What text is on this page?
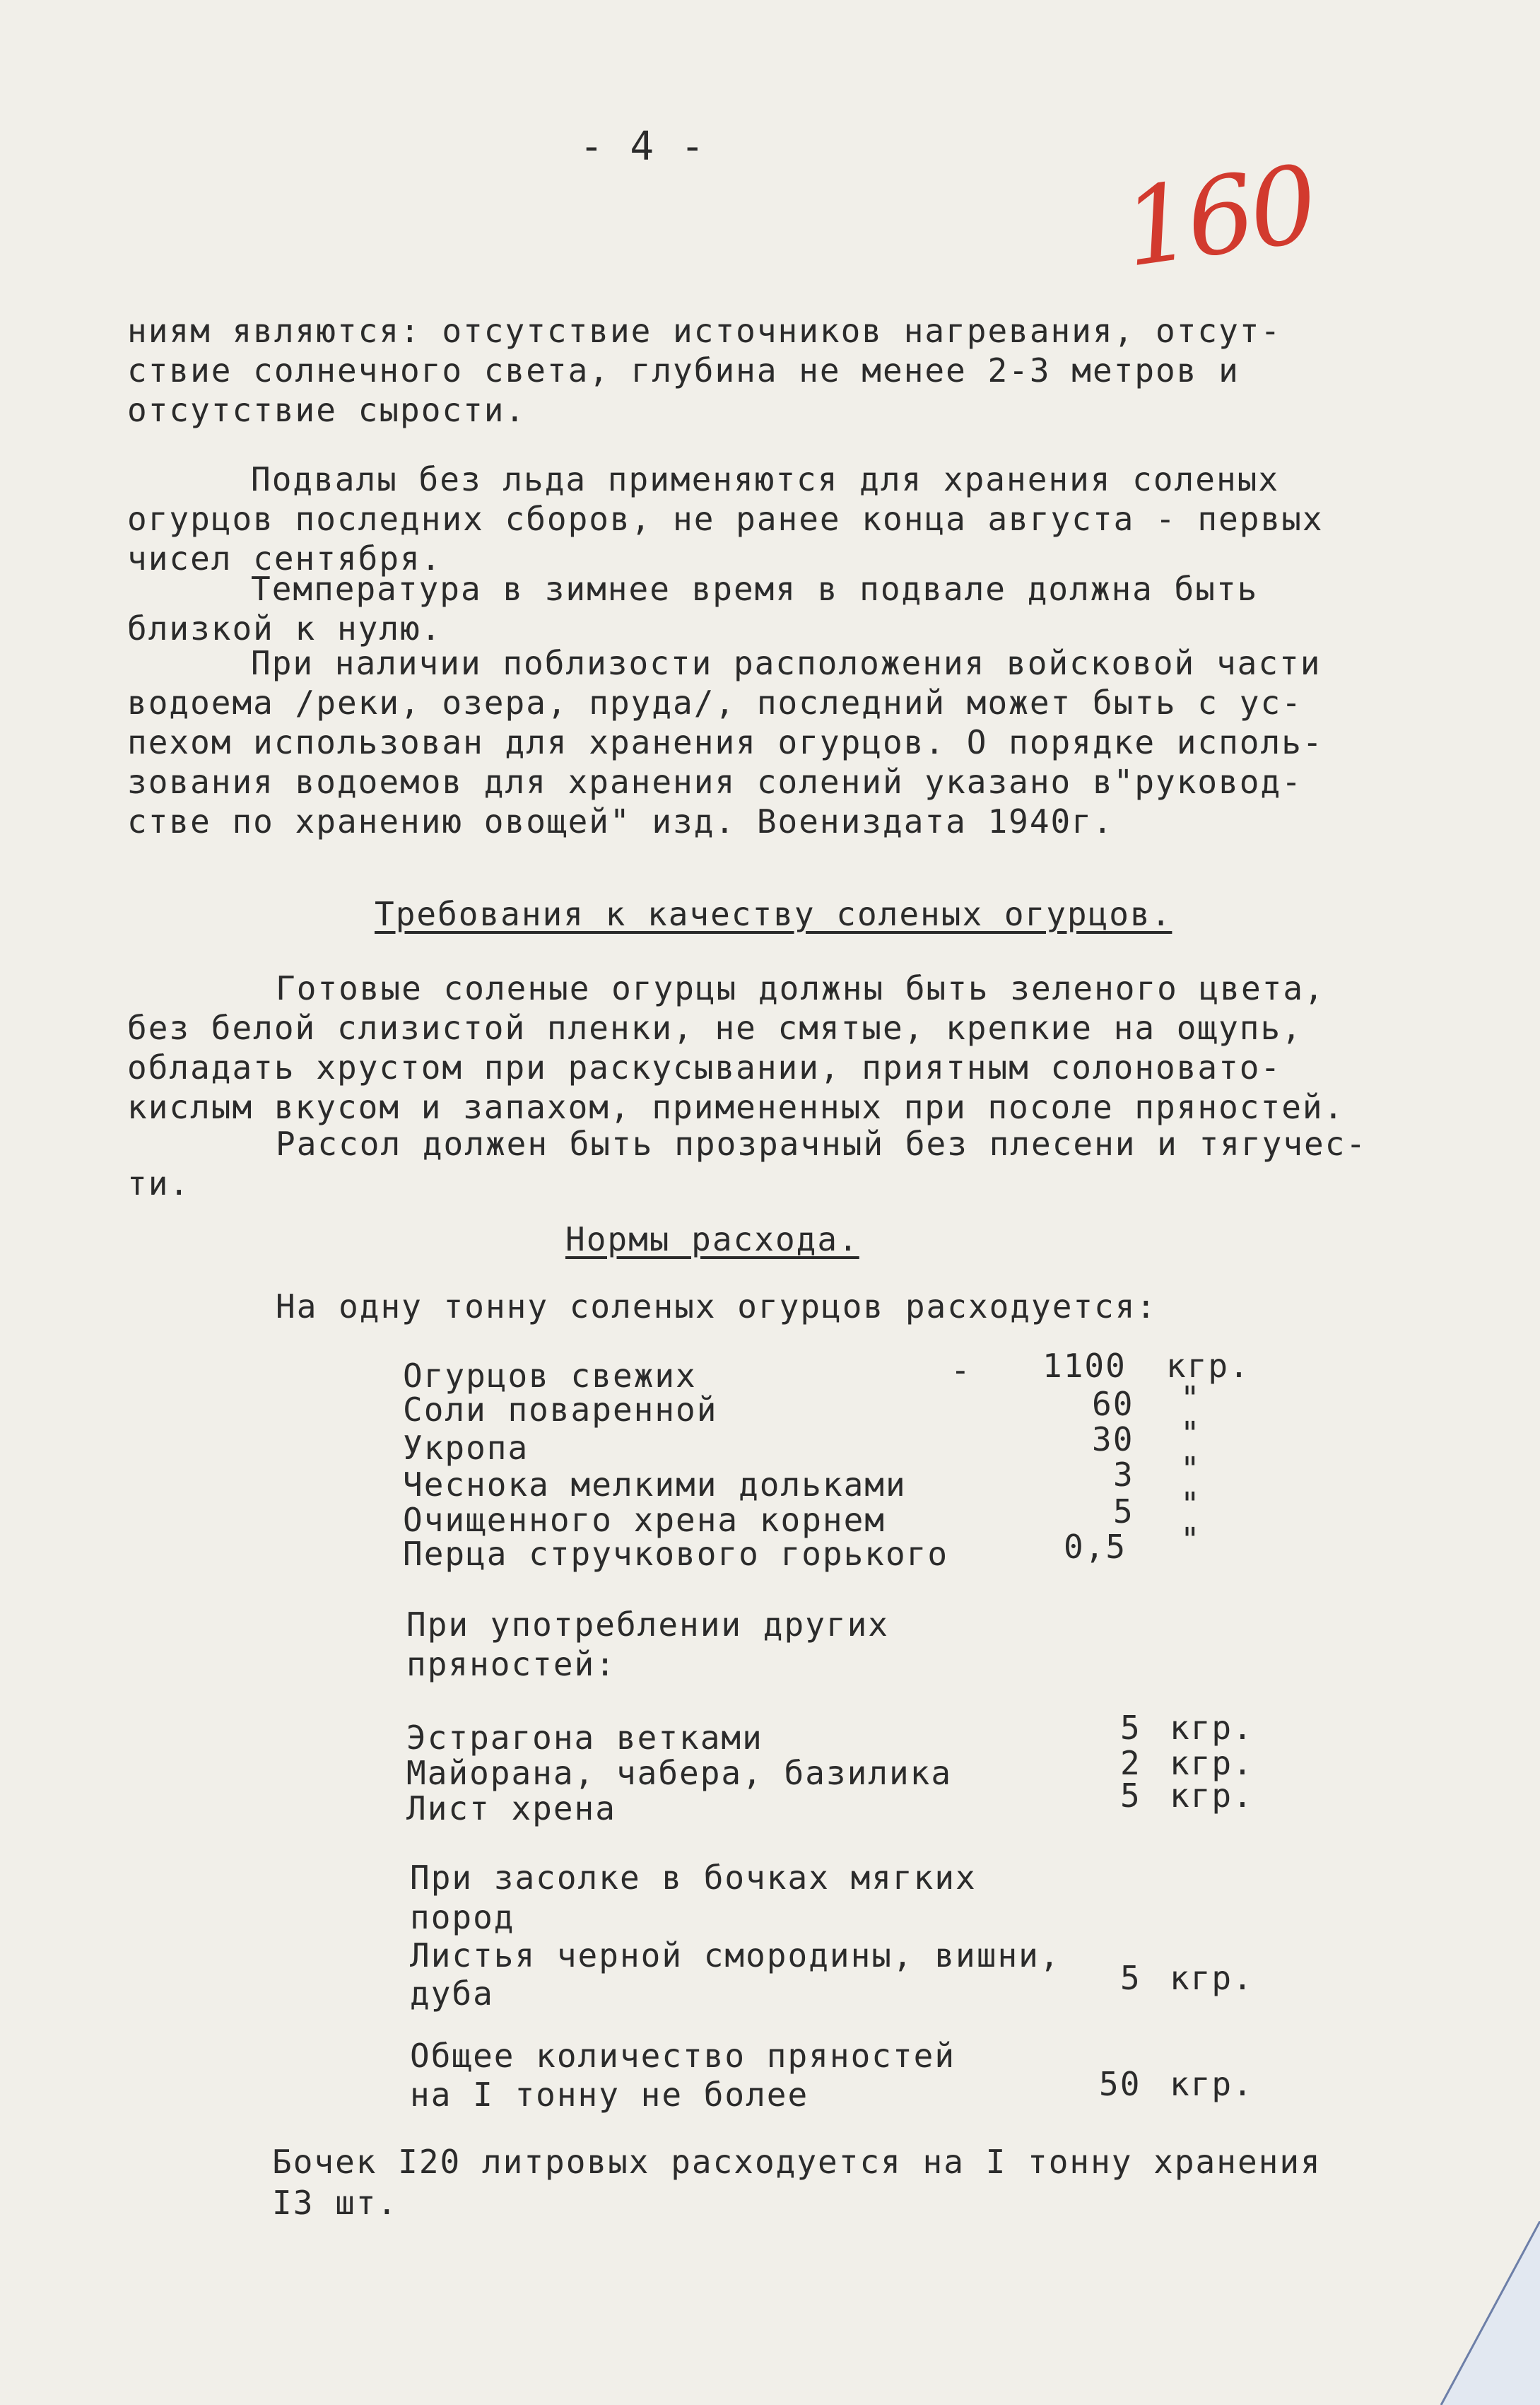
- 4 -	160
ниям являются: отсутствие источников нагревания, отсут-
ствие солнечного света, глубина не менее 2-3 метров и
отсутствие сырости.
Подвалы без льда применяются для хранения соленых
огурцов последних сборов, не ранее конца августа - первых
чисел сентября.
Температура в зимнее время в подвале должна быть
близкой к нулю.
При наличии поблизости расположения войсковой части
водоема /реки, озера, пруда/, последний может быть с ус-
пехом использован для хранения огурцов. О порядке исполь-
зования водоемов для хранения солений указано в"руковод-
стве по хранению овощей" изд. Воениздата 1940г.
Требования к качеству соленых огурцов.
Готовые соленые огурцы должны быть зеленого цвета,
без белой слизистой пленки, не смятые, крепкие на ощупь,
обладать хрустом при раскусывании, приятным солоновато-
кислым вкусом и запахом, примененных при посоле пряностей.
Рассол должен быть прозрачный без плесени и тягучес-
ти.
Нормы расхода.
На одну тонну соленых огурцов расходуется:
Огурцов свежих	- 1100 кгр.
Соли поваренной	60 "
Укропа	30 "
Чеснока мелкими дольками	3 "
Очищенного хрена корнем	5 "
Перца стручкового горького	0,5 "
При употреблении других
пряностей:
Эстрагона ветками	5 кгр.
Майорана, чабера, базилика	2 кгр.
Лист хрена	5 кгр.
При засолке в бочках мягких
пород
Листья черной смородины, вишни,
дуба	5 кгр.
Общее количество пряностей
на I тонну не более	50 кгр.
Бочек I20 литровых расходуется на I тонну хранения
I3 шт.
